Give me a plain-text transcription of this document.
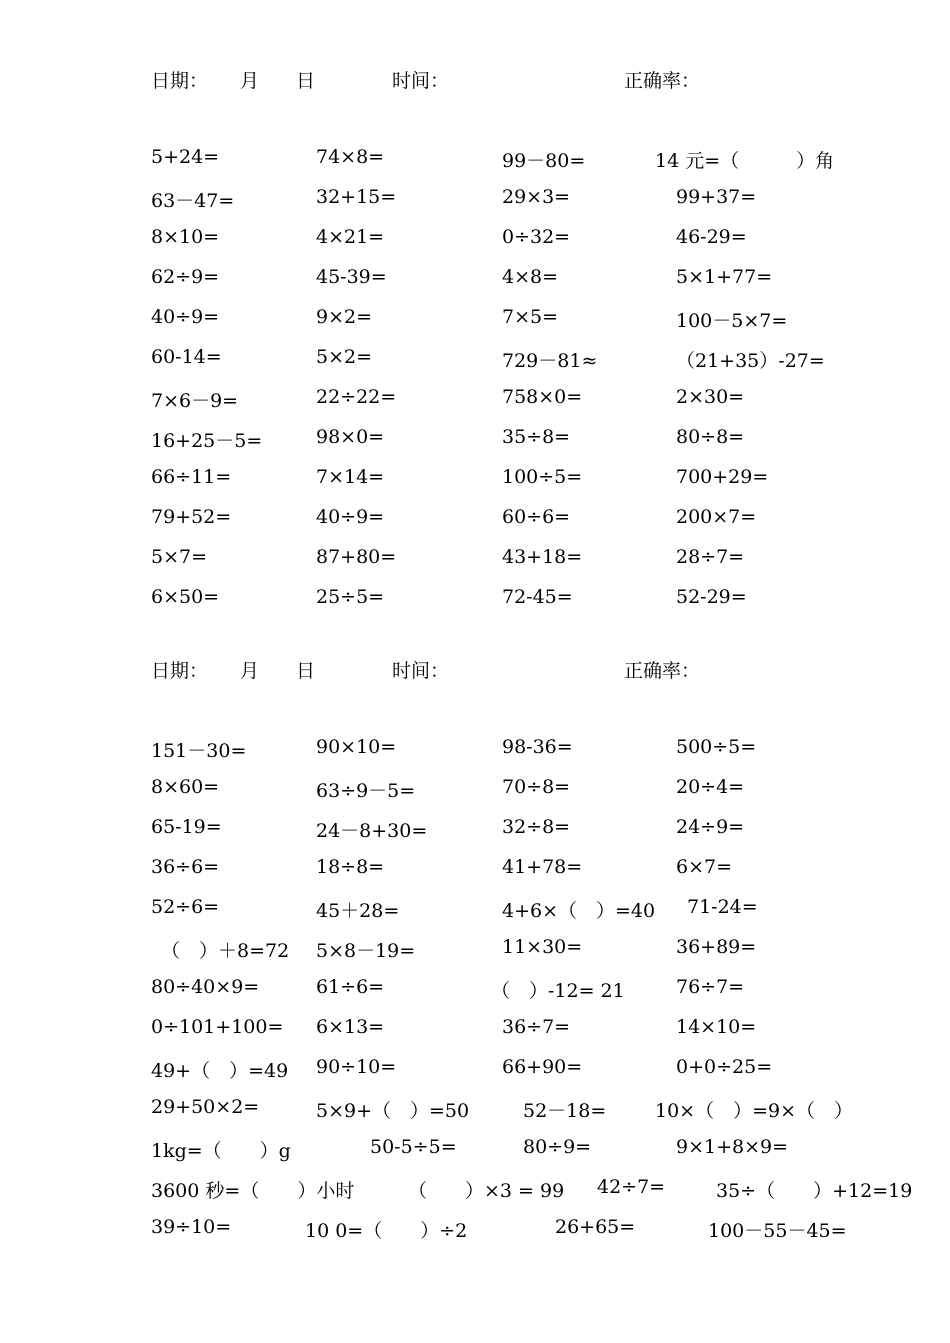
日期： 月 日	时间：	正确率：
5+24=	74×8=	99－80=	14 元=（　　　）角
63－47=	32+15=	29×3=	99+37=
8×10=	4×21=	0÷32=	46-29=
62÷9=	45-39=	4×8=	5×1+77=
40÷9=	9×2=	7×5=	100－5×7=
60-14=	5×2=	729－81≈	（21+35）-27=
7×6－9=	22÷22=	758×0=	2×30=
16+25－5=	98×0=	35÷8=	80÷8=
66÷11=	7×14=	100÷5=	700+29=
79+52=	40÷9=	60÷6=	200×7=
5×7=	87+80=	43+18=	28÷7=
6×50=	25÷5=	72-45=	52-29=
日期： 月 日	时间：	正确率：
151－30=	90×10=	98-36=	500÷5=
8×60=	63÷9－5=	70÷8=	20÷4=
65-19=	24－8+30=	32÷8=	24÷9=
36÷6=	18÷8=	41+78=	6×7=
52÷6=	45＋28=	4+6×（　）=40 71-24=
（　）＋8=72 5×8－19=	11×30=	36+89=
80÷40×9=	61÷6=	（　）-12= 21	76÷7=
0÷101+100= 6×13=	36÷7=	14×10=
49+（　）=49 90÷10=	66+90=	0+0÷25=
29+50×2=	5×9+（　）=50	52－18=	10×（　）=9×（　）
1kg=（　　）g	50-5÷5=	80÷9=	9×1+8×9=
3600 秒=（　　）小时	（　　）×3 = 99 42÷7=	35÷（　　）+12=19
39÷10=	10 0=（　　）÷2	26+65=	100－55－45=
